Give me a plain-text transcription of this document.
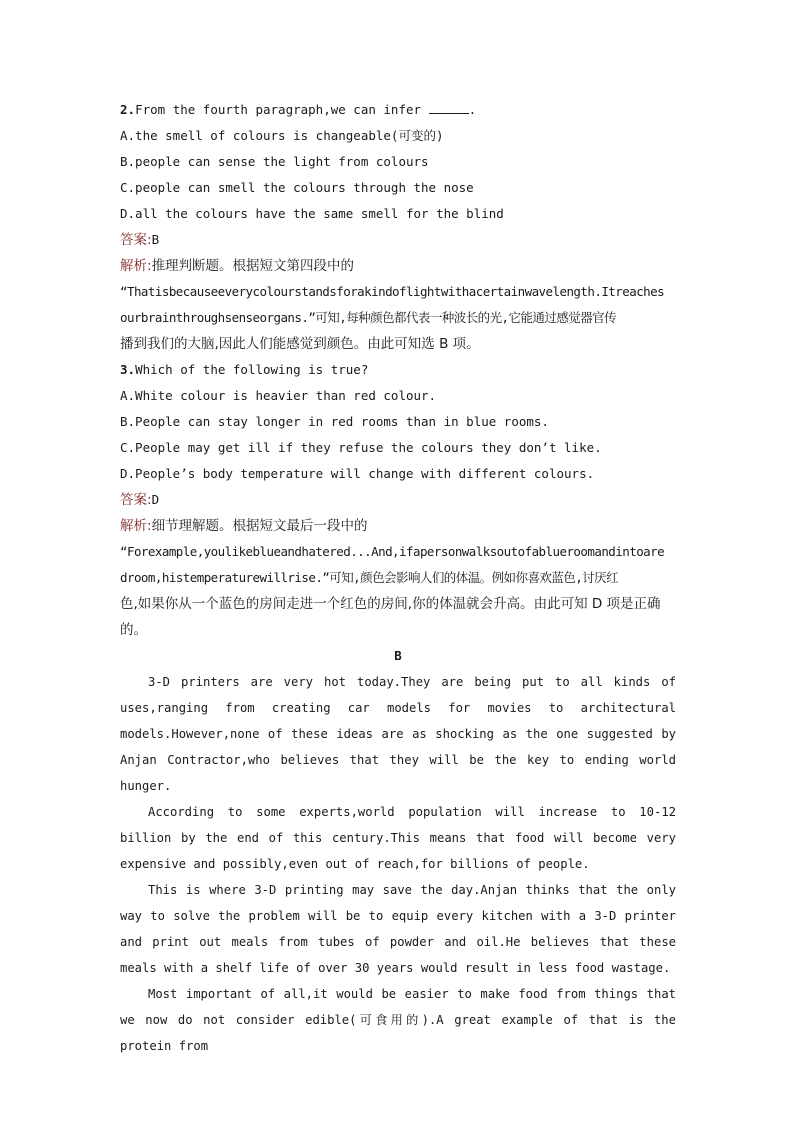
2.From the fourth paragraph,we can infer	.
A.the smell of colours is changeable(可变的)
B.people can sense the light from colours
C.people can smell the colours through the nose
D.all the colours have the same smell for the blind
答案:B
解析:推理判断题。根据短文第四段中的
“Thatisbecauseeverycolourstandsforakindoflightwithacertainwavelength.Itreaches
ourbrainthroughsenseorgans.”可知,每种颜色都代表一种波长的光,它能通过感觉器官传
播到我们的大脑,因此人们能感觉到颜色。由此可知选 B 项。
3.Which of the following is true?
A.White colour is heavier than red colour.
B.People can stay longer in red rooms than in blue rooms.
C.People may get ill if they refuse the colours they don’t like.
D.People’s body temperature will change with different colours.
答案:D
解析:细节理解题。根据短文最后一段中的
“Forexample,youlikeblueandhatered...And,ifapersonwalksoutofablueroomandintoare
droom,histemperaturewillrise.”可知,颜色会影响人们的体温。例如你喜欢蓝色,讨厌红
色,如果你从一个蓝色的房间走进一个红色的房间,你的体温就会升高。由此可知 D 项是正确
的。
B
3-D printers are very hot today.They are being put to all kinds of uses,ranging from creating car models for movies to architectural models.However,none of these ideas are as shocking as the one suggested by Anjan Contractor,who believes that they will be the key to ending world hunger.
According to some experts,world population will increase to 10-12 billion by the end of this century.This means that food will become very expensive and possibly,even out of reach,for billions of people.
This is where 3-D printing may save the day.Anjan thinks that the only way to solve the problem will be to equip every kitchen with a 3-D printer and print out meals from tubes of powder and oil.He believes that these meals with a shelf life of over 30 years would result in less food wastage.
Most important of all,it would be easier to make food from things that we now do not consider edible(可食用的).A great example of that is the protein from
